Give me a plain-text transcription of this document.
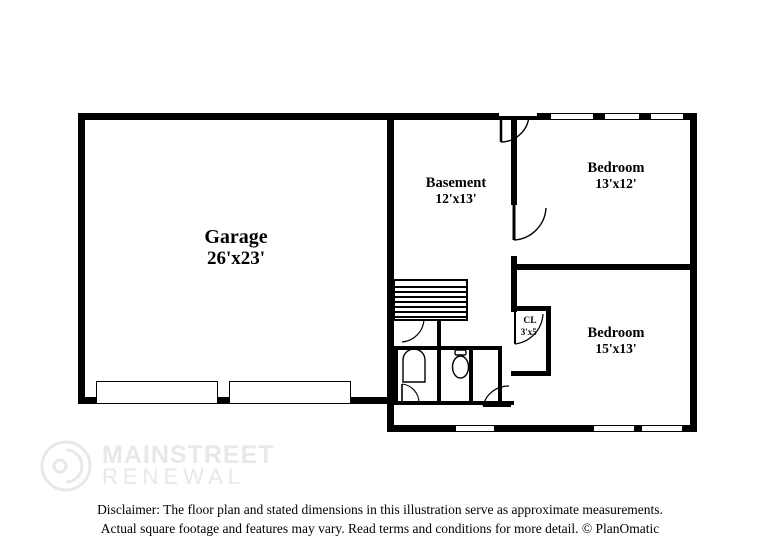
Garage
26'x23'
Basement
12'x13'
Bedroom
13'x12'
Bedroom
15'x13'
CL
3'x5'
MAINSTREET
RENEWAL
Disclaimer: The floor plan and stated dimensions in this illustration serve as approximate measurements.
Actual square footage and features may vary. Read terms and conditions for more detail. © PlanOmatic
